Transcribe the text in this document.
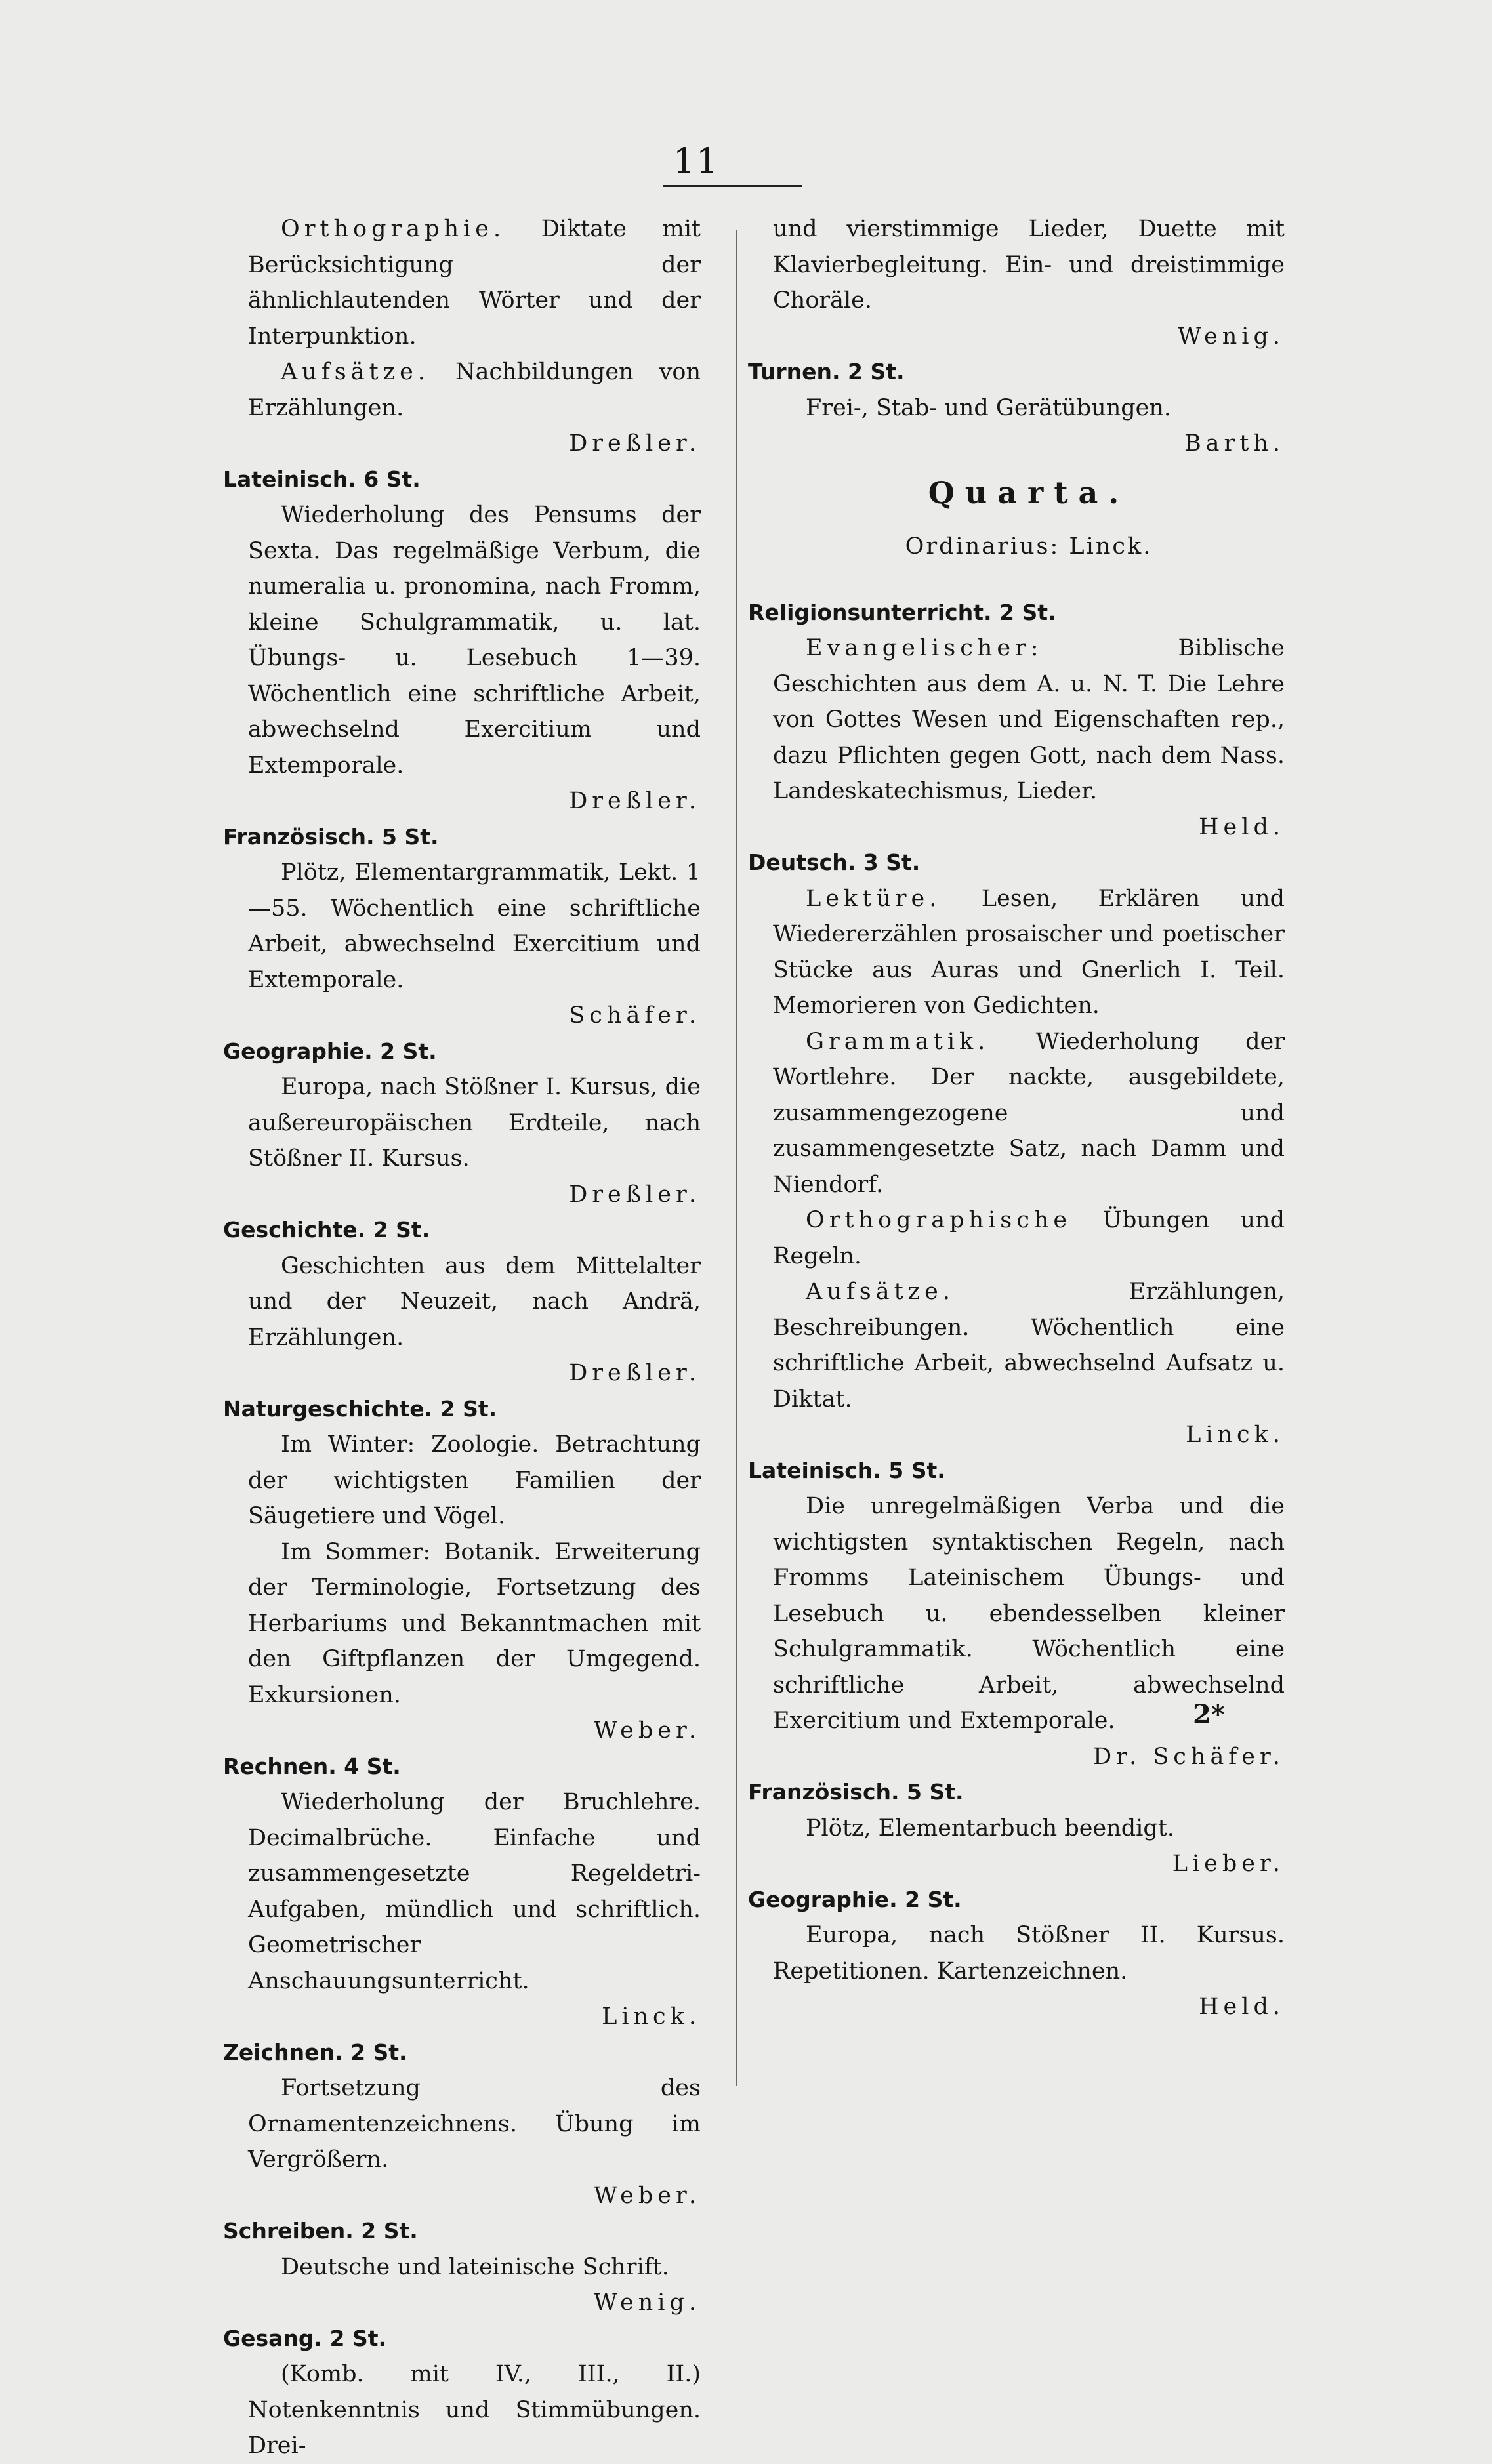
11
Orthographie. Diktate mit Berücksichtigung der ähnlichlautenden Wörter und der Interpunktion.
Aufsätze. Nachbildungen von Erzählungen.
Dreßler.
Lateinisch. 6 St.
Wiederholung des Pensums der Sexta. Das regelmäßige Verbum, die numeralia u. pronomina, nach Fromm, kleine Schulgrammatik, u. lat. Übungs- u. Lesebuch 1—39. Wöchentlich eine schriftliche Arbeit, abwechselnd Exercitium und Extemporale.
Dreßler.
Französisch. 5 St.
Plötz, Elementargrammatik, Lekt. 1—55. Wöchentlich eine schriftliche Arbeit, abwechselnd Exercitium und Extemporale.
Schäfer.
Geographie. 2 St.
Europa, nach Stößner I. Kursus, die außereuropäischen Erdteile, nach Stößner II. Kursus.
Dreßler.
Geschichte. 2 St.
Geschichten aus dem Mittelalter und der Neuzeit, nach Andrä, Erzählungen.
Dreßler.
Naturgeschichte. 2 St.
Im Winter: Zoologie. Betrachtung der wichtigsten Familien der Säugetiere und Vögel.
Im Sommer: Botanik. Erweiterung der Terminologie, Fortsetzung des Herbariums und Bekanntmachen mit den Giftpflanzen der Umgegend. Exkursionen.
Weber.
Rechnen. 4 St.
Wiederholung der Bruchlehre. Decimalbrüche. Einfache und zusammengesetzte Regeldetri-Aufgaben, mündlich und schriftlich. Geometrischer Anschauungsunterricht.
Linck.
Zeichnen. 2 St.
Fortsetzung des Ornamentenzeichnens. Übung im Vergrößern.
Weber.
Schreiben. 2 St.
Deutsche und lateinische Schrift.
Wenig.
Gesang. 2 St.
(Komb. mit IV., III., II.) Notenkenntnis und Stimmübungen. Drei-
und vierstimmige Lieder, Duette mit Klavierbegleitung. Ein- und dreistimmige Choräle.
Wenig.
Turnen. 2 St.
Frei-, Stab- und Gerätübungen.
Barth.
Quarta.
Ordinarius: Linck.
Religionsunterricht. 2 St.
Evangelischer:	Biblische Geschichten aus dem A. u. N. T. Die Lehre von Gottes Wesen und Eigenschaften rep., dazu Pflichten gegen Gott, nach dem Nass. Landeskatechismus, Lieder.
Held.
Deutsch. 3 St.
Lektüre. Lesen, Erklären und Wiedererzählen prosaischer und poetischer Stücke aus Auras und Gnerlich I. Teil. Memorieren von Gedichten.
Grammatik. Wiederholung der Wortlehre. Der nackte, ausgebildete, zusammengezogene und zusammengesetzte Satz, nach Damm und Niendorf.
Orthographische Übungen und Regeln.
Aufsätze.	Erzählungen, Beschreibungen. Wöchentlich eine schriftliche Arbeit, abwechselnd Aufsatz u. Diktat.
Linck.
Lateinisch. 5 St.
Die unregelmäßigen Verba und die wichtigsten syntaktischen Regeln, nach Fromms Lateinischem Übungs- und Lesebuch u. ebendesselben kleiner Schulgrammatik. Wöchentlich eine schriftliche Arbeit, abwechselnd Exercitium und Extemporale.
Dr. Schäfer.
Französisch. 5 St.
Plötz, Elementarbuch beendigt.
Lieber.
Geographie. 2 St.
Europa, nach Stößner II. Kursus. Repetitionen. Kartenzeichnen.
Held.
2*
